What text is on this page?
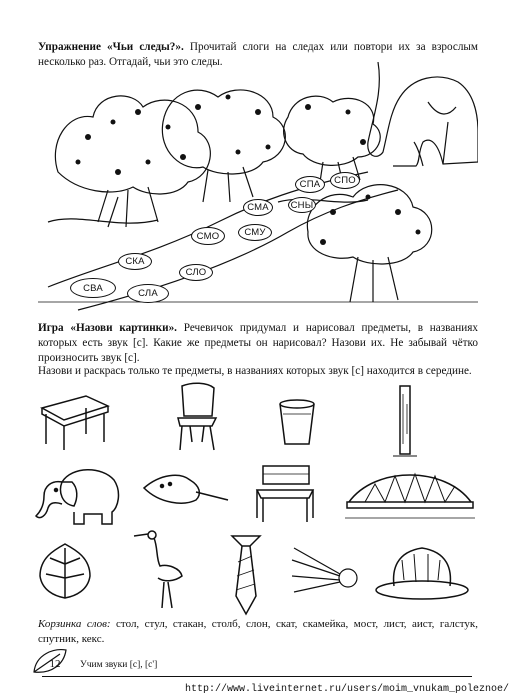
Упражнение «Чьи следы?». Прочитай слоги на следах или повтори их за взрослым несколько раз. Отгадай, чьи это следы.
СПА	СПО
СНЫ
СМА
СМО	СМУ
СКА
СЛО
СВА	СЛА
Игра «Назови картинки». Речевичок придумал и нарисовал предметы, в названиях которых есть звук [с]. Какие же предметы он нарисовал? Назови их. Не забывай чётко произносить звук [с].
Назови и раскрась только те предметы, в названиях которых звук [с] находится в середине.
Корзинка слов: стол, стул, стакан, столб, слон, скат, скамейка, мост, лист, аист, галстук, спутник, кекс.
12	Учим звуки [с], [с']
http://www.liveinternet.ru/users/moim_vnukam_poleznoe/
